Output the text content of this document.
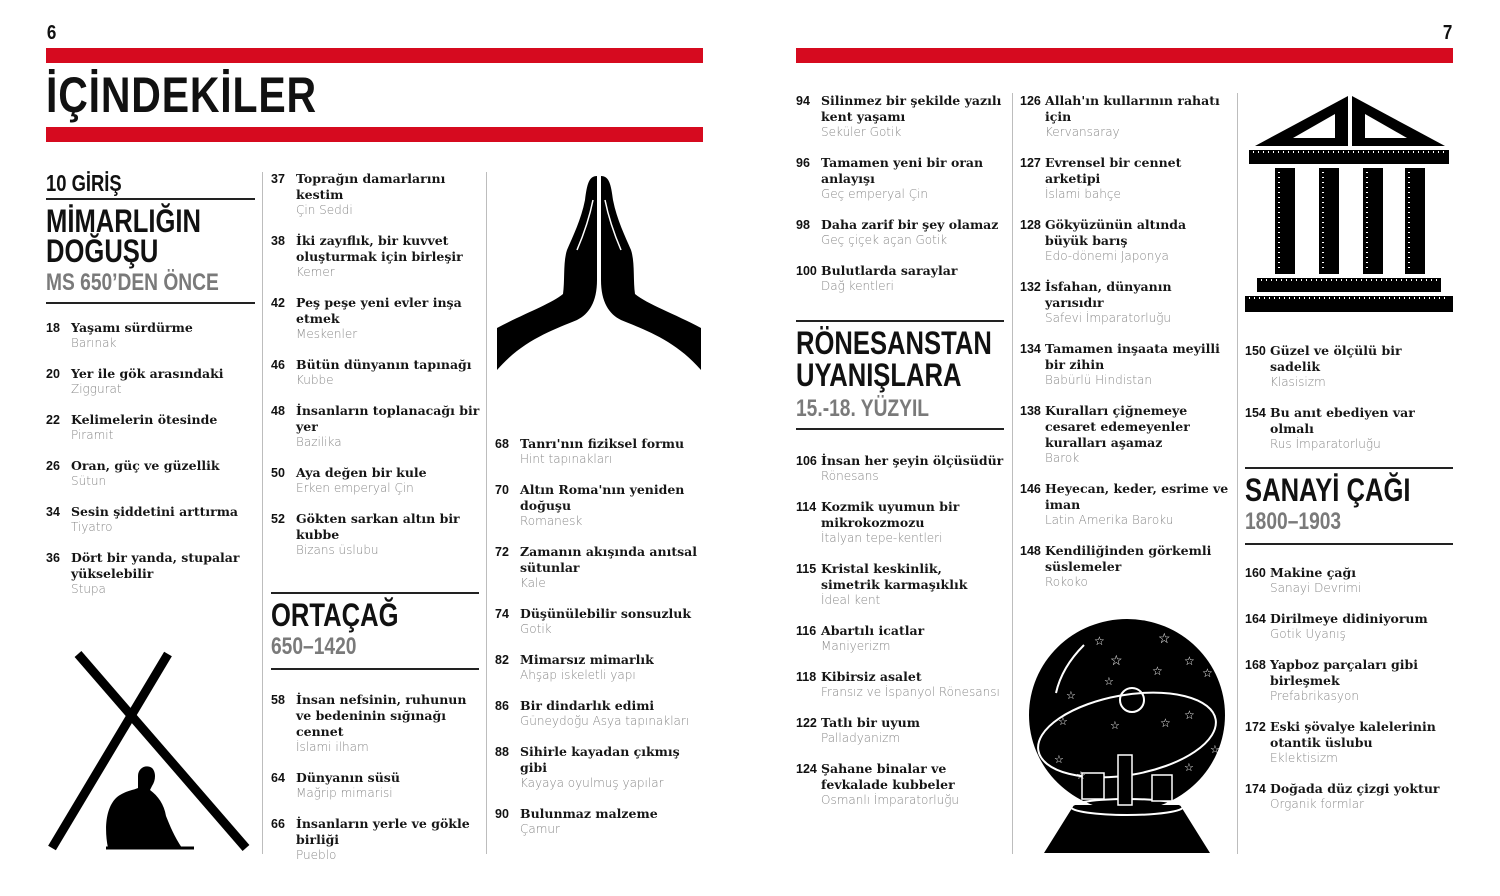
6	7
İÇİNDEKİLER
10 GİRİŞ
MİMARLIĞIN
DOĞUŞU
MS 650’DEN ÖNCE
18 Yaşamı sürdürme
Barınak
20 Yer ile gök arasındaki
Ziggurat
22 Kelimelerin ötesinde
Piramit
26 Oran, güç ve güzellik
Sütun
34 Sesin şiddetini arttırma
Tiyatro
36 Dört bir yanda, stupalar yükselebilir
Stupa
37 Toprağın damarlarını kestim
Çin Seddi
38 İki zayıflık, bir kuvvet oluşturmak için birleşir
Kemer
42 Peş peşe yeni evler inşa etmek
Meskenler
46 Bütün dünyanın tapınağı
Kubbe
48 İnsanların toplanacağı bir yer
Bazilika
50 Aya değen bir kule
Erken emperyal Çin
52 Gökten sarkan altın bir kubbe
Bizans üslubu
ORTAÇAĞ
650–1420
58 İnsan nefsinin, ruhunun ve bedeninin sığınağı cennet
İslami ilham
64 Dünyanın süsü
Mağrip mimarisi
66 İnsanların yerle ve gökle birliği
Pueblo
68 Tanrı'nın fiziksel formu
Hint tapınakları
70 Altın Roma'nın yeniden doğuşu
Romanesk
72 Zamanın akışında anıtsal sütunlar
Kale
74 Düşünülebilir sonsuzluk
Gotik
82 Mimarsız mimarlık
Ahşap iskeletli yapı
86 Bir dindarlık edimi
Güneydoğu Asya tapınakları
88 Sihirle kayadan çıkmış gibi
Kayaya oyulmuş yapılar
90 Bulunmaz malzeme
Çamur
94 Silinmez bir şekilde yazılı kent yaşamı
Seküler Gotik
96 Tamamen yeni bir oran anlayışı
Geç emperyal Çin
98 Daha zarif bir şey olamaz
Geç çiçek açan Gotik
100 Bulutlarda saraylar
Dağ kentleri
RÖNESANSTAN
UYANIŞLARA
15.-18. YÜZYIL
106 İnsan her şeyin ölçüsüdür
Rönesans
114 Kozmik uyumun bir mikrokozmozu
İtalyan tepe-kentleri
115 Kristal keskinlik, simetrik karmaşıklık
İdeal kent
116 Abartılı icatlar
Maniyerizm
118 Kibirsiz asalet
Fransız ve İspanyol Rönesansı
122 Tatlı bir uyum
Palladyanizm
124 Şahane binalar ve fevkalade kubbeler
Osmanlı İmparatorluğu
126 Allah'ın kullarının rahatı için
Kervansaray
127 Evrensel bir cennet arketipi
İslami bahçe
128 Gökyüzünün altında büyük barış
Edo-dönemi Japonya
132 İsfahan, dünyanın yarısıdır
Safevi İmparatorluğu
134 Tamamen inşaata meyilli bir zihin
Babürlü Hindistan
138 Kuralları çiğnemeye cesaret edemeyenler kuralları aşamaz
Barok
146 Heyecan, keder, esrime ve iman
Latin Amerika Baroku
148 Kendiliğinden görkemli süslemeler
Rokoko
150 Güzel ve ölçülü bir sadelik
Klasisizm
154 Bu anıt ebediyen var olmalı
Rus İmparatorluğu
SANAYİ ÇAĞI
1800–1903
160 Makine çağı
Sanayi Devrimi
164 Dirilmeye didiniyorum
Gotik Uyanış
168 Yapboz parçaları gibi birleşmek
Prefabrikasyon
172 Eski şövalye kalelerinin otantik üslubu
Eklektisizm
174 Doğada düz çizgi yoktur
Organik formlar
☆	☆
☆	☆
☆	☆
☆
☆
☆
☆	☆	☆
☆
☆
☆
☆
